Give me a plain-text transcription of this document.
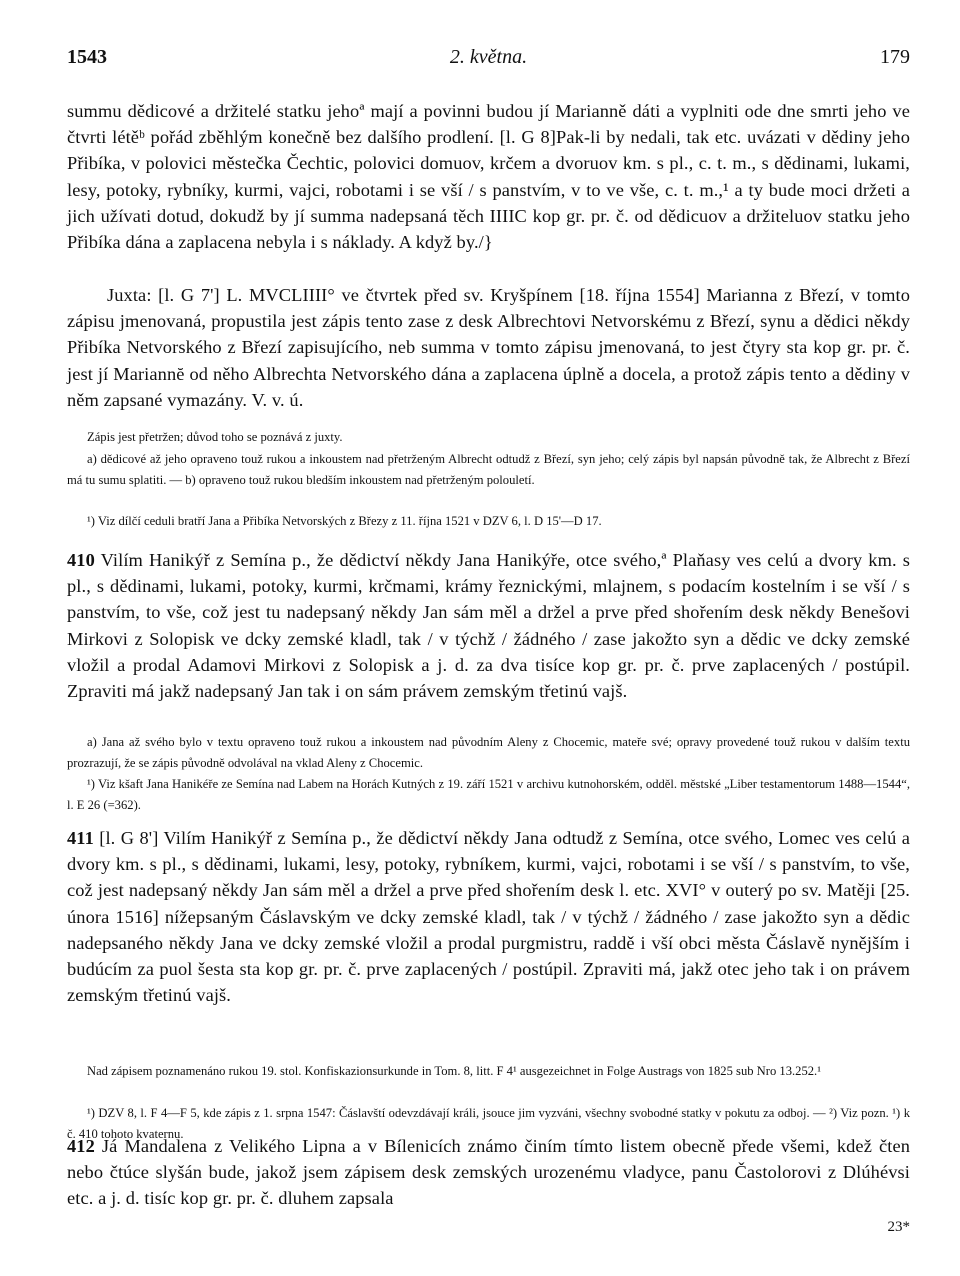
1543	2. května.	179

summu dědicové a držitelé statku jehoª mají a povinni budou jí Marianně dáti a vyplniti ode dne smrti jeho ve čtvrti létěᵇ pořád zběhlým konečně bez dalšího prodlení. [l. G 8]Pak-li by nedali, tak etc. uvázati v dědiny jeho Přibíka, v polovici městečka Čechtic, polovici domuov, krčem a dvoruov km. s pl., c. t. m., s dědinami, lukami, lesy, potoky, rybníky, kurmi, vajci, robotami i se vší / s panstvím, v to ve vše, c. t. m.,¹ a ty bude moci držeti a jich užívati dotud, dokudž by jí summa nadepsaná těch IIIIC kop gr. pr. č. od dědicuov a držiteluov statku jeho Přibíka dána a zaplacena nebyla i s náklady. A když by./}

Juxta: [l. G 7'] L. MVCLIIII° ve čtvrtek před sv. Kryšpínem [18. října 1554] Marianna z Březí, v tomto zápisu jmenovaná, propustila jest zápis tento zase z desk Albrechtovi Netvorskému z Březí, synu a dědici někdy Přibíka Netvorského z Březí zapisujícího, neb summa v tomto zápisu jmenovaná, to jest čtyry sta kop gr. pr. č. jest jí Mariannĕ od něho Albrechta Netvorského dána a zaplacena úplně a docela, a protož zápis tento a dědiny v něm zapsané vymazány. V. v. ú.

Zápis jest přetržen; důvod toho se poznává z juxty.

a) dědicové až jeho opraveno touž rukou a inkoustem nad přetrženým Albrecht odtudž z Březí, syn jeho; celý zápis byl napsán původně tak, že Albrecht z Březí má tu sumu splatiti. — b) opraveno touž rukou bledším inkoustem nad přetrženým polouletí.

¹) Viz dílčí ceduli bratří Jana a Přibíka Netvorských z Březy z 11. října 1521 v DZV 6, l. D 15'—D 17.

410 Vilím Hanikýř z Semína p., že dědictví někdy Jana Hanikýře, otce svého,ª Plaňasy ves celú a dvory km. s pl., s dědinami, lukami, potoky, kurmi, krčmami, krámy řeznickými, mlajnem, s podacím kostelním i se vší / s panstvím, to vše, což jest tu nadepsaný někdy Jan sám měl a držel a prve před shořením desk někdy Benešovi Mirkovi z Solopisk ve dcky zemské kladl, tak / v týchž / žádného / zase jakožto syn a dědic ve dcky zemské vložil a prodal Adamovi Mirkovi z Solopisk a j. d. za dva tisíce kop gr. pr. č. prve zaplacených / postúpil. Zpraviti má jakž nadepsaný Jan tak i on sám právem zemským třetinú vajš.

a) Jana až svého bylo v textu opraveno touž rukou a inkoustem nad původním Aleny z Chocemic, mateře své; opravy provedené touž rukou v dalším textu prozrazují, že se zápis původně odvolával na vklad Aleny z Chocemic.

¹) Viz kšaft Jana Hanikéře ze Semína nad Labem na Horách Kutných z 19. září 1521 v archivu kutnohorském, odděl. městské „Liber testamentorum 1488—1544“, l. E 26 (=362).

411 [l. G 8'] Vilím Hanikýř z Semína p., že dědictví někdy Jana odtudž z Semína, otce svého, Lomec ves celú a dvory km. s pl., s dědinami, lukami, lesy, potoky, rybníkem, kurmi, vajci, robotami i se vší / s panstvím, to vše, což jest nadepsaný někdy Jan sám měl a držel a prve před shořením desk l. etc. XVI° v outerý po sv. Matěji [25. února 1516] nížepsaným Čáslavským ve dcky zemské kladl, tak / v týchž / žádného / zase jakožto syn a dědic nadepsaného někdy Jana ve dcky zemské vložil a prodal purgmistru, raddě i vší obci města Čáslavě nynějším i budúcím za puol šesta sta kop gr. pr. č. prve zaplacených / postúpil. Zpraviti má, jakž otec jeho tak i on právem zemským třetinú vajš.

Nad zápisem poznamenáno rukou 19. stol. Konfiskazionsurkunde in Tom. 8, litt. F 4¹ ausgezeichnet in Folge Austrags von 1825 sub Nro 13.252.¹

¹) DZV 8, l. F 4—F 5, kde zápis z 1. srpna 1547: Čáslavští odevzdávají králi, jsouce jim vyzváni, všechny svobodné statky v pokutu za odboj. — ²) Viz pozn. ¹) k č. 410 tohoto kvaternu.

412 Já Mandalena z Velikého Lipna a v Bílenicích známo činím tímto listem obecně přede všemi, kdež čten nebo čtúce slyšán bude, jakož jsem zápisem desk zemských urozenému vladyce, panu Častolorovi z Dlúhévsi etc. a j. d. tisíc kop gr. pr. č. dluhem zapsala

23*
